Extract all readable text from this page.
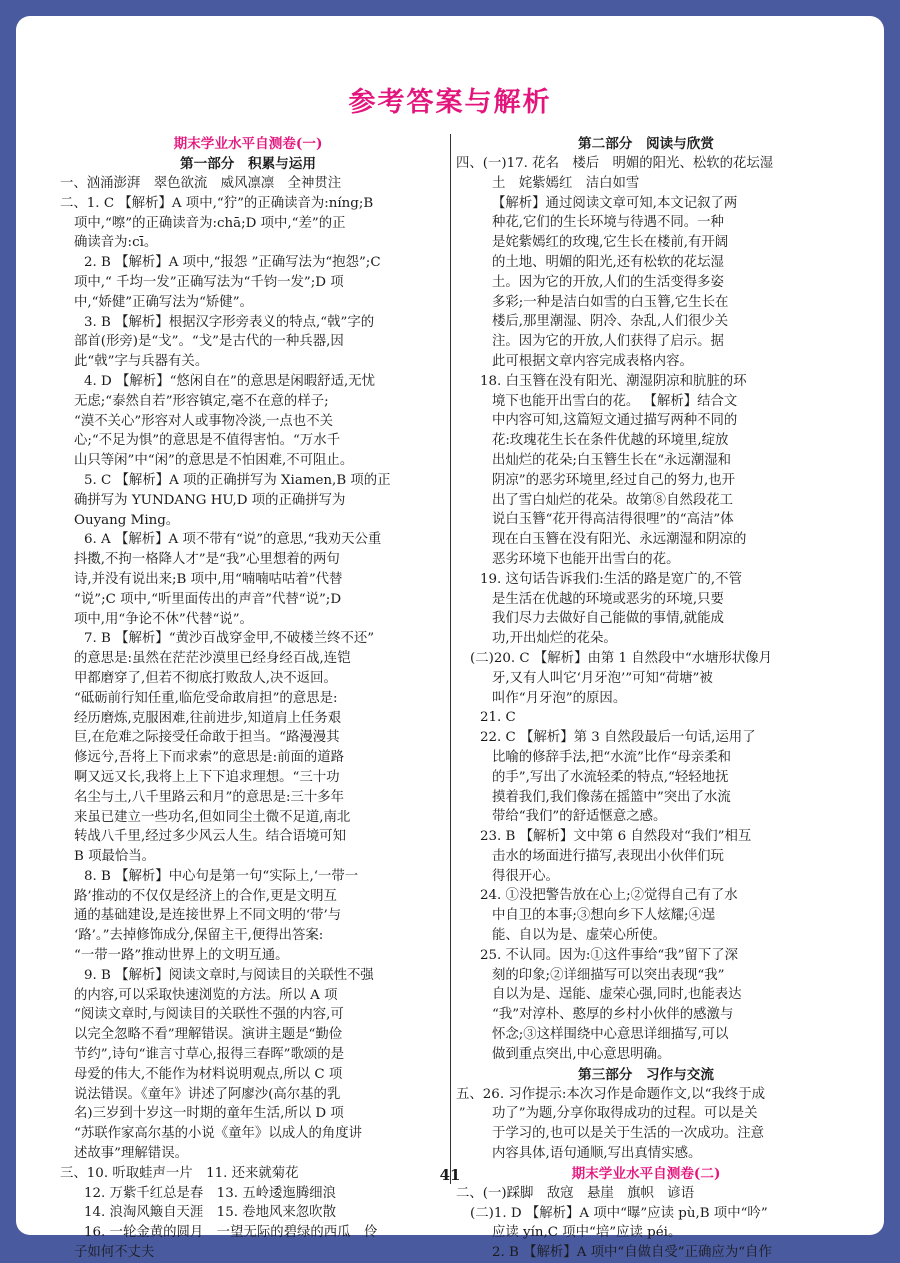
参考答案与解析
期末学业水平自测卷(一)
第一部分　积累与运用
一、汹涌澎湃　翠色欲流　威风凛凛　全神贯注
二、1. C 【解析】A 项中,“狞”的正确读音为:níng;B
项中,“嚓”的正确读音为:chā;D 项中,“差”的正
确读音为:cī。
2. B 【解析】A 项中,“报怨 ”正确写法为“抱怨”;C
项中,“ 千均一发”正确写法为“千钧一发”;D 项
中,“娇健”正确写法为“矫健”。
3. B 【解析】根据汉字形旁表义的特点,“戟”字的
部首(形旁)是“戈”。“戈”是古代的一种兵器,因
此“戟”字与兵器有关。
4. D 【解析】“悠闲自在”的意思是闲暇舒适,无忧
无虑;“泰然自若”形容镇定,毫不在意的样子;
“漠不关心”形容对人或事物冷淡,一点也不关
心;“不足为惧”的意思是不值得害怕。“万水千
山只等闲”中“闲”的意思是不怕困难,不可阻止。
5. C 【解析】A 项的正确拼写为 Xiamen,B 项的正
确拼写为 YUNDANG HU,D 项的正确拼写为
Ouyang Ming。
6. A 【解析】A 项不带有“说”的意思,“我劝天公重
抖擞,不拘一格降人才”是“我”心里想着的两句
诗,并没有说出来;B 项中,用“喃喃咕咕着”代替
“说”;C 项中,“听里面传出的声音”代替“说”;D
项中,用“争论不休”代替“说”。
7. B 【解析】“黄沙百战穿金甲,不破楼兰终不还”
的意思是:虽然在茫茫沙漠里已经身经百战,连铠
甲都磨穿了,但若不彻底打败敌人,决不返回。
“砥砺前行知任重,临危受命敢肩担”的意思是:
经历磨炼,克服困难,往前进步,知道肩上任务艰
巨,在危难之际接受任命敢于担当。“路漫漫其
修远兮,吾将上下而求索”的意思是:前面的道路
啊又远又长,我将上上下下追求理想。“三十功
名尘与土,八千里路云和月”的意思是:三十多年
来虽已建立一些功名,但如同尘土微不足道,南北
转战八千里,经过多少风云人生。结合语境可知
B 项最恰当。
8. B 【解析】中心句是第一句“实际上,‘一带一
路’推动的不仅仅是经济上的合作,更是文明互
通的基础建设,是连接世界上不同文明的‘带’与
‘路’。”去掉修饰成分,保留主干,便得出答案:
“一带一路”推动世界上的文明互通。
9. B 【解析】阅读文章时,与阅读目的关联性不强
的内容,可以采取快速浏览的方法。所以 A 项
“阅读文章时,与阅读目的关联性不强的内容,可
以完全忽略不看”理解错误。演讲主题是“勤俭
节约”,诗句“谁言寸草心,报得三春晖”歌颂的是
母爱的伟大,不能作为材料说明观点,所以 C 项
说法错误。《童年》讲述了阿廖沙(高尔基的乳
名)三岁到十岁这一时期的童年生活,所以 D 项
“苏联作家高尔基的小说《童年》以成人的角度讲
述故事”理解错误。
三、10. 听取蛙声一片　11. 还来就菊花
12. 万紫千红总是春　13. 五岭逶迤腾细浪
14. 浪淘风簸自天涯　15. 卷地风来忽吹散
16. 一轮金黄的圆月　一望无际的碧绿的西瓜　伶
子如何不丈夫
第二部分　阅读与欣赏
四、(一)17. 花名　楼后　明媚的阳光、松软的花坛湿
土　姹紫嫣红　洁白如雪
【解析】通过阅读文章可知,本文记叙了两
种花,它们的生长环境与待遇不同。一种
是姹紫嫣红的玫瑰,它生长在楼前,有开阔
的土地、明媚的阳光,还有松软的花坛湿
土。因为它的开放,人们的生活变得多姿
多彩;一种是洁白如雪的白玉簪,它生长在
楼后,那里潮湿、阴冷、杂乱,人们很少关
注。因为它的开放,人们获得了启示。据
此可根据文章内容完成表格内容。
18. 白玉簪在没有阳光、潮湿阴凉和肮脏的环
境下也能开出雪白的花。 【解析】结合文
中内容可知,这篇短文通过描写两种不同的
花:玫瑰花生长在条件优越的环境里,绽放
出灿烂的花朵;白玉簪生长在“永远潮湿和
阴凉”的恶劣环境里,经过自己的努力,也开
出了雪白灿烂的花朵。故第⑧自然段花工
说白玉簪“花开得高洁得很哩”的“高洁”体
现在白玉簪在没有阳光、永远潮湿和阴凉的
恶劣环境下也能开出雪白的花。
19. 这句话告诉我们:生活的路是宽广的,不管
是生活在优越的环境或恶劣的环境,只要
我们尽力去做好自己能做的事情,就能成
功,开出灿烂的花朵。
(二)20. C 【解析】由第 1 自然段中“水塘形状像月
牙,又有人叫它‘月牙泡’”可知“荷塘”被
叫作“月牙泡”的原因。
21. C
22. C 【解析】第 3 自然段最后一句话,运用了
比喻的修辞手法,把“水流”比作“母亲柔和
的手”,写出了水流轻柔的特点,“轻轻地抚
摸着我们,我们像荡在摇篮中”突出了水流
带给“我们”的舒适惬意之感。
23. B 【解析】文中第 6 自然段对“我们”相互
击水的场面进行描写,表现出小伙伴们玩
得很开心。
24. ①没把警告放在心上;②觉得自己有了水
中自卫的本事;③想向乡下人炫耀;④逞
能、自以为是、虚荣心所使。
25. 不认同。因为:①这件事给“我”留下了深
刻的印象;②详细描写可以突出表现“我”
自以为是、逞能、虚荣心强,同时,也能表达
“我”对淳朴、憨厚的乡村小伙伴的感激与
怀念;③这样围绕中心意思详细描写,可以
做到重点突出,中心意思明确。
第三部分　习作与交流
五、26. 习作提示:本次习作是命题作文,以“我终于成
功了”为题,分享你取得成功的过程。可以是关
于学习的,也可以是关于生活的一次成功。注意
内容具体,语句通顺,写出真情实感。
期末学业水平自测卷(二)
二、(一)踩脚　敌寇　悬崖　旗帜　谚语
(二)1. D 【解析】A 项中“曝”应读 pù,B 项中“吟”
应读 yín,C 项中“培”应读 péi。
2. B 【解析】A 项中“自做自受”正确应为“自作
41
